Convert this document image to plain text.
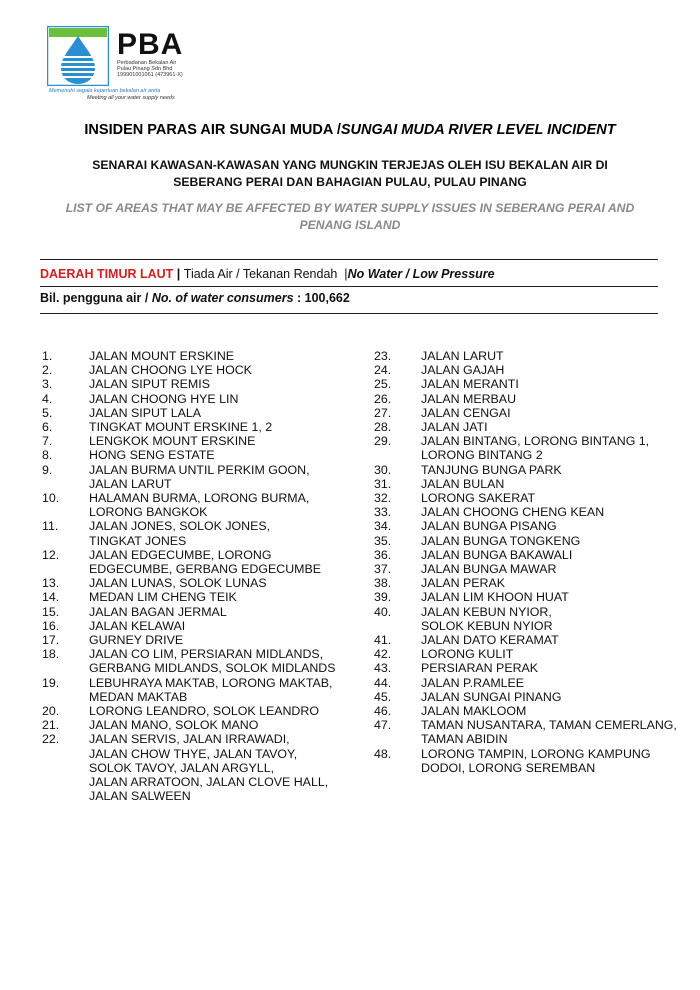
PBA
Perbadanan Bekalan Air
Pulau Pinang Sdn Bhd
199901001061 (473961-X)
Memenuhi segala keperluan bekalan air anda
Meeting all your water supply needs
INSIDEN PARAS AIR SUNGAI MUDA /SUNGAI MUDA RIVER LEVEL INCIDENT
SENARAI KAWASAN-KAWASAN YANG MUNGKIN TERJEJAS OLEH ISU BEKALAN AIR DI SEBERANG PERAI DAN BAHAGIAN PULAU, PULAU PINANG
LIST OF AREAS THAT MAY BE AFFECTED BY WATER SUPPLY ISSUES IN SEBERANG PERAI AND PENANG ISLAND
DAERAH TIMUR LAUT | Tiada Air / Tekanan Rendah  |No Water / Low Pressure
Bil. pengguna air / No. of water consumers : 100,662
1.	JALAN MOUNT ERSKINE
2.	JALAN CHOONG LYE HOCK
3.	JALAN SIPUT REMIS
4.	JALAN CHOONG HYE LIN
5.	JALAN SIPUT LALA
6.	TINGKAT MOUNT ERSKINE 1, 2
7.	LENGKOK MOUNT ERSKINE
8.	HONG SENG ESTATE
9.	JALAN BURMA UNTIL PERKIM GOON,
JALAN LARUT
10.	HALAMAN BURMA, LORONG BURMA,
LORONG BANGKOK
11.	JALAN JONES, SOLOK JONES,
TINGKAT JONES
12.	JALAN EDGECUMBE, LORONG
EDGECUMBE, GERBANG EDGECUMBE
13.	JALAN LUNAS, SOLOK LUNAS
14.	MEDAN LIM CHENG TEIK
15.	JALAN BAGAN JERMAL
16.	JALAN KELAWAI
17.	GURNEY DRIVE
18.	JALAN CO LIM, PERSIARAN MIDLANDS,
GERBANG MIDLANDS, SOLOK MIDLANDS
19.	LEBUHRAYA MAKTAB, LORONG MAKTAB,
MEDAN MAKTAB
20.	LORONG LEANDRO, SOLOK LEANDRO
21.	JALAN MANO, SOLOK MANO
22.	JALAN SERVIS, JALAN IRRAWADI,
JALAN CHOW THYE, JALAN TAVOY,
SOLOK TAVOY, JALAN ARGYLL,
JALAN ARRATOON, JALAN CLOVE HALL,
JALAN SALWEEN
23.	JALAN LARUT
24.	JALAN GAJAH
25.	JALAN MERANTI
26.	JALAN MERBAU
27.	JALAN CENGAI
28.	JALAN JATI
29.	JALAN BINTANG, LORONG BINTANG 1,
LORONG BINTANG 2
30.	TANJUNG BUNGA PARK
31.	JALAN BULAN
32.	LORONG SAKERAT
33.	JALAN CHOONG CHENG KEAN
34.	JALAN BUNGA PISANG
35.	JALAN BUNGA TONGKENG
36.	JALAN BUNGA BAKAWALI
37.	JALAN BUNGA MAWAR
38.	JALAN PERAK
39.	JALAN LIM KHOON HUAT
40.	JALAN KEBUN NYIOR,
SOLOK KEBUN NYIOR
41.	JALAN DATO KERAMAT
42.	LORONG KULIT
43.	PERSIARAN PERAK
44.	JALAN P.RAMLEE
45.	JALAN SUNGAI PINANG
46.	JALAN MAKLOOM
47.	TAMAN NUSANTARA, TAMAN CEMERLANG,
TAMAN ABIDIN
48.	LORONG TAMPIN, LORONG KAMPUNG
DODOI, LORONG SEREMBAN
